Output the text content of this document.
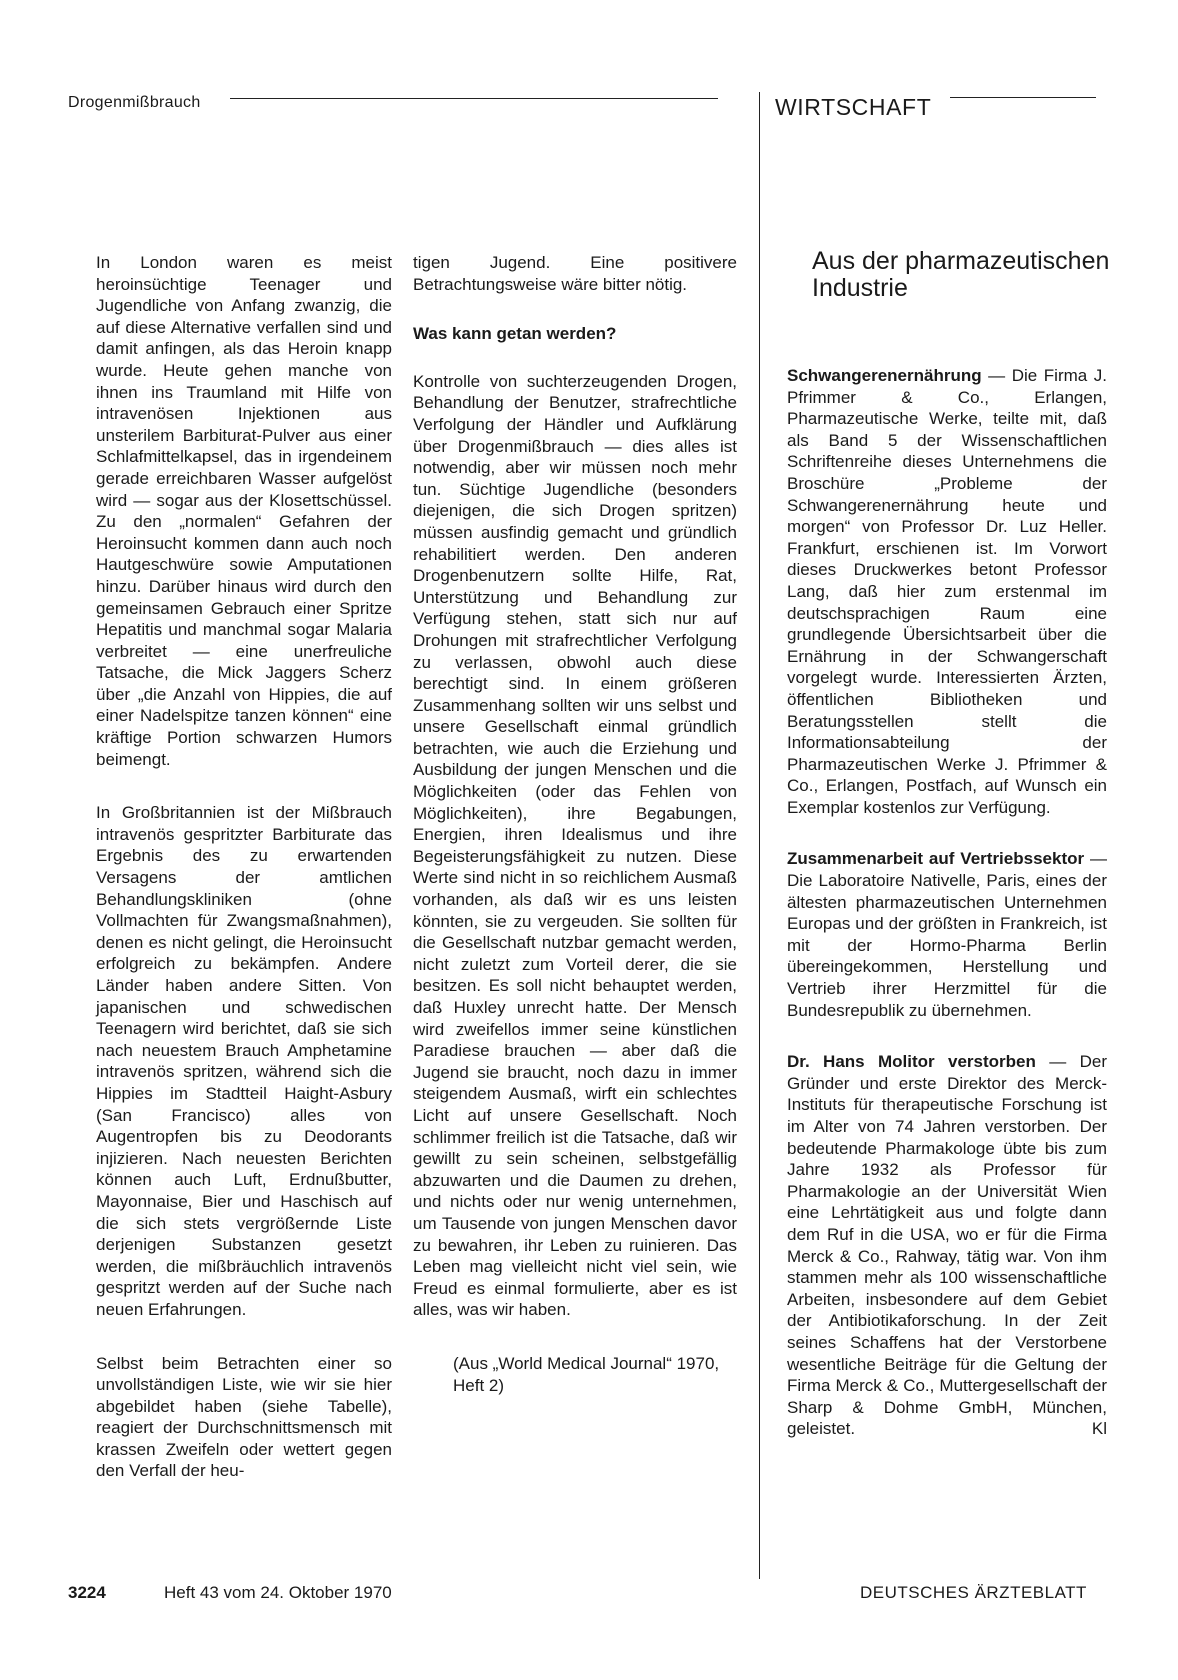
Drogenmißbrauch	WIRTSCHAFT

In London waren es meist heroinsüchtige Teenager und Jugendliche von Anfang zwanzig, die auf diese Alternative verfallen sind und damit anfingen, als das Heroin knapp wurde. Heute gehen manche von ihnen ins Traumland mit Hilfe von intravenösen Injektionen aus unsterilem Barbiturat-Pulver aus einer Schlafmittelkapsel, das in irgendeinem gerade erreichbaren Wasser aufgelöst wird — sogar aus der Klosettschüssel. Zu den „normalen“ Gefahren der Heroinsucht kommen dann auch noch Hautgeschwüre sowie Amputationen hinzu. Darüber hinaus wird durch den gemeinsamen Gebrauch einer Spritze Hepatitis und manchmal sogar Malaria verbreitet — eine unerfreuliche Tatsache, die Mick Jaggers Scherz über „die Anzahl von Hippies, die auf einer Nadelspitze tanzen können“ eine kräftige Portion schwarzen Humors beimengt.

In Großbritannien ist der Mißbrauch intravenös gespritzter Barbiturate das Ergebnis des zu erwartenden Versagens der amtlichen Behandlungskliniken (ohne Vollmachten für Zwangsmaßnahmen), denen es nicht gelingt, die Heroinsucht erfolgreich zu bekämpfen. Andere Länder haben andere Sitten. Von japanischen und schwedischen Teenagern wird berichtet, daß sie sich nach neuestem Brauch Amphetamine intravenös spritzen, während sich die Hippies im Stadtteil Haight-Asbury (San Francisco) alles von Augentropfen bis zu Deodorants injizieren. Nach neuesten Berichten können auch Luft, Erdnußbutter, Mayonnaise, Bier und Haschisch auf die sich stets vergrößernde Liste derjenigen Substanzen gesetzt werden, die mißbräuchlich intravenös gespritzt werden auf der Suche nach neuen Erfahrungen.

Selbst beim Betrachten einer so unvollständigen Liste, wie wir sie hier abgebildet haben (siehe Tabelle), reagiert der Durchschnittsmensch mit krassen Zweifeln oder wettert gegen den Verfall der heu-

tigen Jugend. Eine positivere Betrachtungsweise wäre bitter nötig.

Was kann getan werden?

Kontrolle von suchterzeugenden Drogen, Behandlung der Benutzer, strafrechtliche Verfolgung der Händler und Aufklärung über Drogenmißbrauch — dies alles ist notwendig, aber wir müssen noch mehr tun. Süchtige Jugendliche (besonders diejenigen, die sich Drogen spritzen) müssen ausfindig gemacht und gründlich rehabilitiert werden. Den anderen Drogenbenutzern sollte Hilfe, Rat, Unterstützung und Behandlung zur Verfügung stehen, statt sich nur auf Drohungen mit strafrechtlicher Verfolgung zu verlassen, obwohl auch diese berechtigt sind. In einem größeren Zusammenhang sollten wir uns selbst und unsere Gesellschaft einmal gründlich betrachten, wie auch die Erziehung und Ausbildung der jungen Menschen und die Möglichkeiten (oder das Fehlen von Möglichkeiten), ihre Begabungen, Energien, ihren Idealismus und ihre Begeisterungsfähigkeit zu nutzen. Diese Werte sind nicht in so reichlichem Ausmaß vorhanden, als daß wir es uns leisten könnten, sie zu vergeuden. Sie sollten für die Gesellschaft nutzbar gemacht werden, nicht zuletzt zum Vorteil derer, die sie besitzen. Es soll nicht behauptet werden, daß Huxley unrecht hatte. Der Mensch wird zweifellos immer seine künstlichen Paradiese brauchen — aber daß die Jugend sie braucht, noch dazu in immer steigendem Ausmaß, wirft ein schlechtes Licht auf unsere Gesellschaft. Noch schlimmer freilich ist die Tatsache, daß wir gewillt zu sein scheinen, selbstgefällig abzuwarten und die Daumen zu drehen, und nichts oder nur wenig unternehmen, um Tausende von jungen Menschen davor zu bewahren, ihr Leben zu ruinieren. Das Leben mag vielleicht nicht viel sein, wie Freud es einmal formulierte, aber es ist alles, was wir haben.

(Aus „World Medical Journal“ 1970, Heft 2)

Aus der pharmazeutischen Industrie

Schwangerenernährung — Die Firma J. Pfrimmer & Co., Erlangen, Pharmazeutische Werke, teilte mit, daß als Band 5 der Wissenschaftlichen Schriftenreihe dieses Unternehmens die Broschüre „Probleme der Schwangerenernährung heute und morgen“ von Professor Dr. Luz Heller. Frankfurt, erschienen ist. Im Vorwort dieses Druckwerkes betont Professor Lang, daß hier zum erstenmal im deutschsprachigen Raum eine grundlegende Übersichtsarbeit über die Ernährung in der Schwangerschaft vorgelegt wurde. Interessierten Ärzten, öffentlichen Bibliotheken und Beratungsstellen stellt die Informationsabteilung der Pharmazeutischen Werke J. Pfrimmer & Co., Erlangen, Postfach, auf Wunsch ein Exemplar kostenlos zur Verfügung.

Zusammenarbeit auf Vertriebssektor — Die Laboratoire Nativelle, Paris, eines der ältesten pharmazeutischen Unternehmen Europas und der größten in Frankreich, ist mit der Hormo-Pharma Berlin übereingekommen, Herstellung und Vertrieb ihrer Herzmittel für die Bundesrepublik zu übernehmen.

Dr. Hans Molitor verstorben — Der Gründer und erste Direktor des Merck-Instituts für therapeutische Forschung ist im Alter von 74 Jahren verstorben. Der bedeutende Pharmakologe übte bis zum Jahre 1932 als Professor für Pharmakologie an der Universität Wien eine Lehrtätigkeit aus und folgte dann dem Ruf in die USA, wo er für die Firma Merck & Co., Rahway, tätig war. Von ihm stammen mehr als 100 wissenschaftliche Arbeiten, insbesondere auf dem Gebiet der Antibiotikaforschung. In der Zeit seines Schaffens hat der Verstorbene wesentliche Beiträge für die Geltung der Firma Merck & Co., Muttergesellschaft der Sharp & Dohme GmbH, München, geleistet.	Kl

3224	Heft 43 vom 24. Oktober 1970	DEUTSCHES ÄRZTEBLATT
